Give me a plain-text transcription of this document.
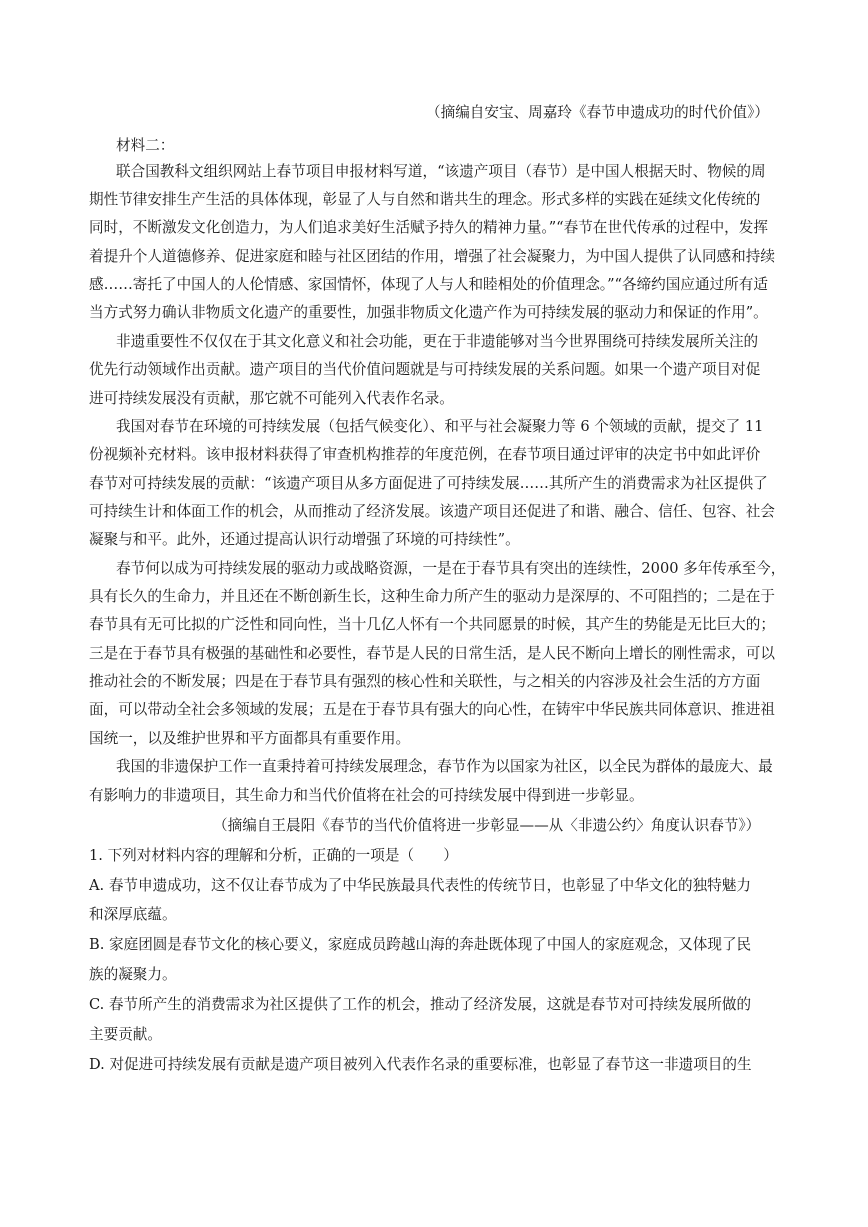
（摘编自安宝、周嘉玲《春节申遗成功的时代价值》）
材料二：
联合国教科文组织网站上春节项目申报材料写道，“该遗产项目（春节）是中国人根据天时、物候的周
期性节律安排生产生活的具体体现，彰显了人与自然和谐共生的理念。形式多样的实践在延续文化传统的
同时，不断激发文化创造力，为人们追求美好生活赋予持久的精神力量。”“春节在世代传承的过程中，发挥
着提升个人道德修养、促进家庭和睦与社区团结的作用，增强了社会凝聚力，为中国人提供了认同感和持续
感……寄托了中国人的人伦情感、家国情怀，体现了人与人和睦相处的价值理念。”“各缔约国应通过所有适
当方式努力确认非物质文化遗产的重要性，加强非物质文化遗产作为可持续发展的驱动力和保证的作用”。
非遗重要性不仅仅在于其文化意义和社会功能，更在于非遗能够对当今世界围绕可持续发展所关注的
优先行动领域作出贡献。遗产项目的当代价值问题就是与可持续发展的关系问题。如果一个遗产项目对促
进可持续发展没有贡献，那它就不可能列入代表作名录。
我国对春节在环境的可持续发展（包括气候变化）、和平与社会凝聚力等 6 个领域的贡献，提交了 11
份视频补充材料。该申报材料获得了审查机构推荐的年度范例，在春节项目通过评审的决定书中如此评价
春节对可持续发展的贡献：“该遗产项目从多方面促进了可持续发展……其所产生的消费需求为社区提供了
可持续生计和体面工作的机会，从而推动了经济发展。该遗产项目还促进了和谐、融合、信任、包容、社会
凝聚与和平。此外，还通过提高认识行动增强了环境的可持续性”。
春节何以成为可持续发展的驱动力或战略资源，一是在于春节具有突出的连续性，2000 多年传承至今，
具有长久的生命力，并且还在不断创新生长，这种生命力所产生的驱动力是深厚的、不可阻挡的；二是在于
春节具有无可比拟的广泛性和同向性，当十几亿人怀有一个共同愿景的时候，其产生的势能是无比巨大的；
三是在于春节具有极强的基础性和必要性，春节是人民的日常生活，是人民不断向上增长的刚性需求，可以
推动社会的不断发展；四是在于春节具有强烈的核心性和关联性，与之相关的内容涉及社会生活的方方面
面，可以带动全社会多领域的发展；五是在于春节具有强大的向心性，在铸牢中华民族共同体意识、推进祖
国统一，以及维护世界和平方面都具有重要作用。
我国的非遗保护工作一直秉持着可持续发展理念，春节作为以国家为社区，以全民为群体的最庞大、最
有影响力的非遗项目，其生命力和当代价值将在社会的可持续发展中得到进一步彰显。
（摘编自王晨阳《春节的当代价值将进一步彰显——从〈非遗公约〉角度认识春节》）
1. 下列对材料内容的理解和分析，正确的一项是（　　）
A. 春节申遗成功，这不仅让春节成为了中华民族最具代表性的传统节日，也彰显了中华文化的独特魅力
和深厚底蕴。
B. 家庭团圆是春节文化的核心要义，家庭成员跨越山海的奔赴既体现了中国人的家庭观念，又体现了民
族的凝聚力。
C. 春节所产生的消费需求为社区提供了工作的机会，推动了经济发展，这就是春节对可持续发展所做的
主要贡献。
D. 对促进可持续发展有贡献是遗产项目被列入代表作名录的重要标准，也彰显了春节这一非遗项目的生
